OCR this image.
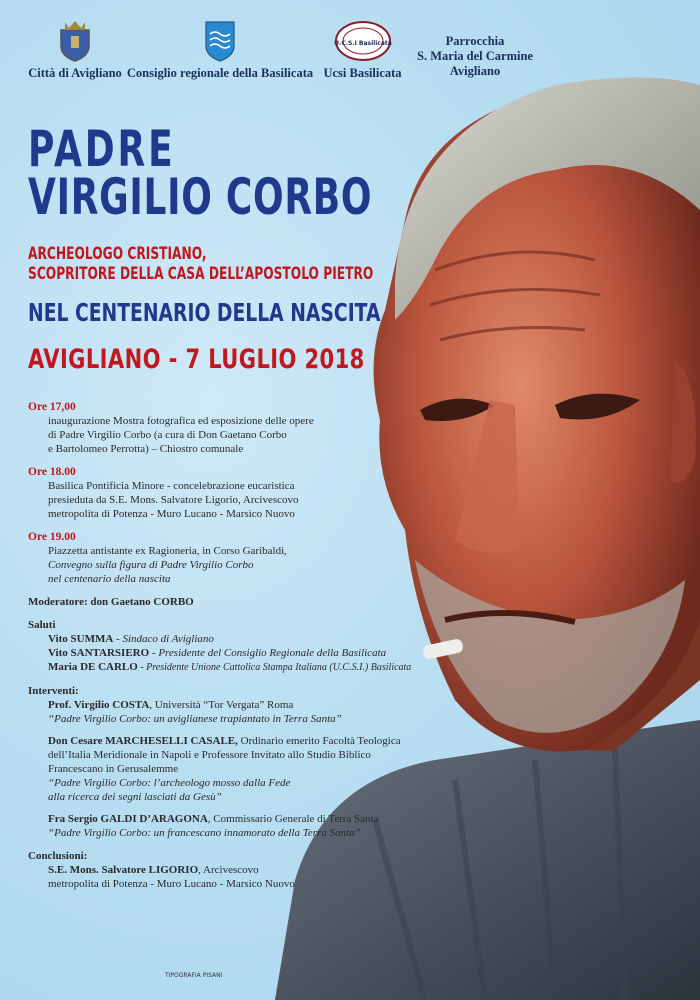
Città di Avigliano Consiglio regionale della Basilicata
U.C.S.I Basilicata
Ucsi Basilicata
Parrocchia
S. Maria del Carmine
Avigliano
PADRE
VIRGILIO CORBO
ARCHEOLOGO CRISTIANO,
SCOPRITORE DELLA CASA DELL’APOSTOLO PIETRO
NEL CENTENARIO DELLA NASCITA
AVIGLIANO - 7 LUGLIO 2018
Ore 17,00
inaugurazione Mostra fotografica ed esposizione delle opere
di Padre Virgilio Corbo (a cura di Don Gaetano Corbo
e Bartolomeo Perrotta) – Chiostro comunale
Ore 18.00
Basilica Pontificia Minore - concelebrazione eucaristica
presieduta da S.E. Mons. Salvatore Ligorio, Arcivescovo
metropolita di Potenza - Muro Lucano - Marsico Nuovo
Ore 19.00
Piazzetta antistante ex Ragioneria, in Corso Garibaldi,
Convegno sulla figura di Padre Virgilio Corbo
nel centenario della nascita
Moderatore: don Gaetano CORBO
Saluti
Vito SUMMA - Sindaco di Avigliano
Vito SANTARSIERO - Presidente del Consiglio Regionale della Basilicata
Maria DE CARLO - Presidente Unione Cattolica Stampa Italiana (U.C.S.I.) Basilicata
Interventi:
Prof. Virgilio COSTA, Università “Tor Vergata” Roma
“Padre Virgilio Corbo: un aviglianese trapiantato in Terra Santa”
Don Cesare MARCHESELLI CASALE, Ordinario emerito Facoltà Teologica
dell’Italia Meridionale in Napoli e Professore Invitato allo Studio Biblico
Francescano in Gerusalemme
“Padre Virgilio Corbo: l’archeologo mosso dalla Fede
alla ricerca dei segni lasciati da Gesù”
Fra Sergio GALDI D’ARAGONA, Commissario Generale di Terra Santa
“Padre Virgilio Corbo: un francescano innamorato della Terra Santa”
Conclusioni:
S.E. Mons. Salvatore LIGORIO, Arcivescovo
metropolita di Potenza - Muro Lucano - Marsico Nuovo
TIPOGRAFIA PISANI
